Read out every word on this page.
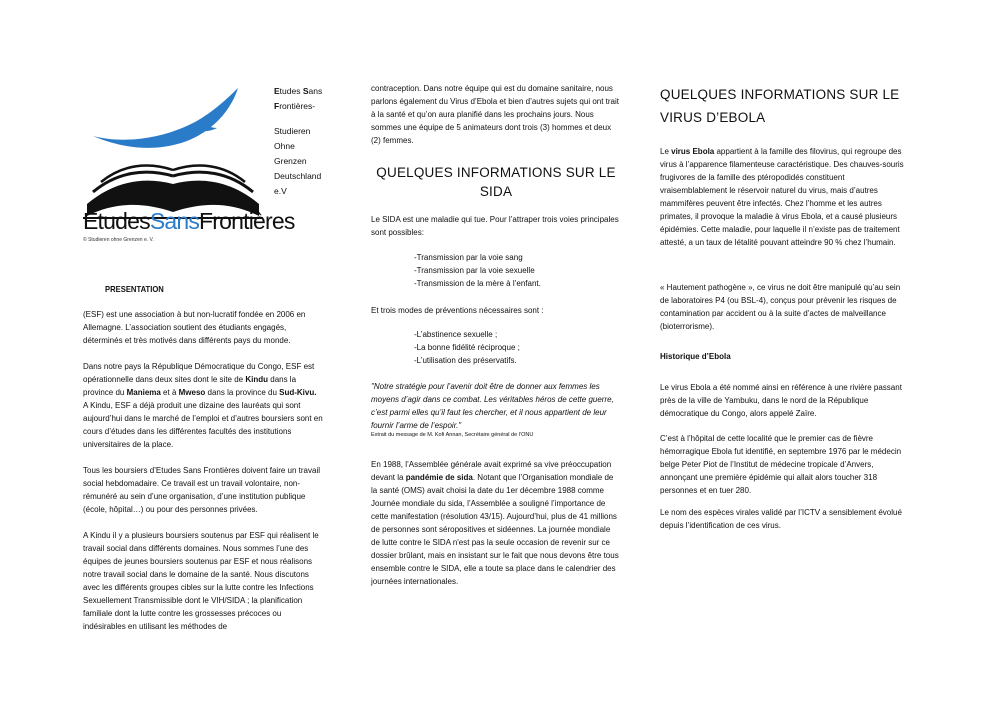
EtudesSansFrontières
© Studieren ohne Grenzen e. V.
Etudes Sans
Frontières-
Studieren
Ohne
Grenzen
Deutschland
e.V
PRESENTATION

(ESF) est une association à but non-lucratif fondée en 2006 en Allemagne. L’association soutient des étudiants engagés, déterminés et très motivés dans différents pays du monde.

Dans notre pays la République Démocratique du Congo, ESF est opérationnelle dans deux sites dont le site de Kindu dans la province du Maniema et à Mweso dans la province du Sud-Kivu. A Kindu, ESF a déjà produit une dizaine des lauréats qui sont aujourd’hui dans le marché de l’emploi et d’autres boursiers sont en cours d’études dans les différentes facultés des institutions universitaires de la place.

Tous les boursiers d’Etudes Sans Frontières doivent faire un travail social hebdomadaire. Ce travail est un travail volontaire, non-rémunéré au sein d’une organisation, d’une institution publique (école, hôpital…) ou pour des personnes privées.

A Kindu il y a plusieurs boursiers soutenus par ESF qui réalisent le travail social dans différents domaines. Nous sommes l’une des équipes de jeunes boursiers soutenus par ESF et nous réalisons notre travail social dans le domaine de la santé. Nous discutons avec les différents groupes cibles sur la lutte contre les Infections Sexuellement Transmissible dont le VIH/SIDA ; la planification familiale dont la lutte contre les grossesses précoces ou indésirables en utilisant les méthodes de

contraception. Dans notre équipe qui est du domaine sanitaire, nous parlons également du Virus d’Ebola et bien d’autres sujets qui ont trait à la santé et qu’on aura planifié dans les prochains jours. Nous sommes une équipe de 5 animateurs dont trois (3) hommes et deux (2) femmes.

QUELQUES INFORMATIONS SUR LE
SIDA

Le SIDA est une maladie qui tue. Pour l’attraper trois voies principales sont possibles:

-Transmission par la voie sang
-Transmission par la voie sexuelle
-Transmission de la mère à l’enfant.

Et trois modes de préventions nécessaires sont :

-L’abstinence sexuelle ;
-La bonne fidélité réciproque ;
-L’utilisation des préservatifs.

"Notre stratégie pour l’avenir doit être de donner aux femmes les moyens d’agir dans ce combat. Les véritables héros de cette guerre, c’est parmi elles qu’il faut les chercher, et il nous appartient de leur fournir l’arme de l’espoir."

Extrait du message de M. Kofi Annan, Secrétaire général de l’ONU

En 1988, l’Assemblée générale avait exprimé sa vive préoccupation devant la pandémie de sida. Notant que l’Organisation mondiale de la santé (OMS) avait choisi la date du 1er décembre 1988 comme Journée mondiale du sida, l’Assemblée a souligné l’importance de cette manifestation (résolution 43/15). Aujourd’hui, plus de 41 millions de personnes sont séropositives et sidéennes. La journée mondiale de lutte contre le SIDA n'est pas la seule occasion de revenir sur ce dossier brûlant, mais en insistant sur le fait que nous devons être tous ensemble contre le SIDA, elle a toute sa place dans le calendrier des journées internationales.

QUELQUES INFORMATIONS SUR LE
VIRUS D’EBOLA

Le virus Ebola appartient à la famille des filovirus, qui regroupe des virus à l’apparence filamenteuse caractéristique. Des chauves-souris frugivores de la famille des ptéropodidés constituent vraisemblablement le réservoir naturel du virus, mais d’autres mammifères peuvent être infectés. Chez l’homme et les autres primates, il provoque la maladie à virus Ebola, et a causé plusieurs épidémies. Cette maladie, pour laquelle il n’existe pas de traitement attesté, a un taux de létalité pouvant atteindre 90 % chez l’humain.

« Hautement pathogène », ce virus ne doit être manipulé qu’au sein de laboratoires P4 (ou BSL-4), conçus pour prévenir les risques de contamination par accident ou à la suite d’actes de malveillance (bioterrorisme).

Historique d’Ebola

Le virus Ebola a été nommé ainsi en référence à une rivière passant près de la ville de Yambuku, dans le nord de la République démocratique du Congo, alors appelé Zaïre.

C’est à l’hôpital de cette localité que le premier cas de fièvre hémorragique Ebola fut identifié, en septembre 1976 par le médecin belge Peter Piot de l’Institut de médecine tropicale d’Anvers, annonçant une première épidémie qui allait alors toucher 318 personnes et en tuer 280.

Le nom des espèces virales validé par l’ICTV a sensiblement évolué depuis l’identification de ces virus.
